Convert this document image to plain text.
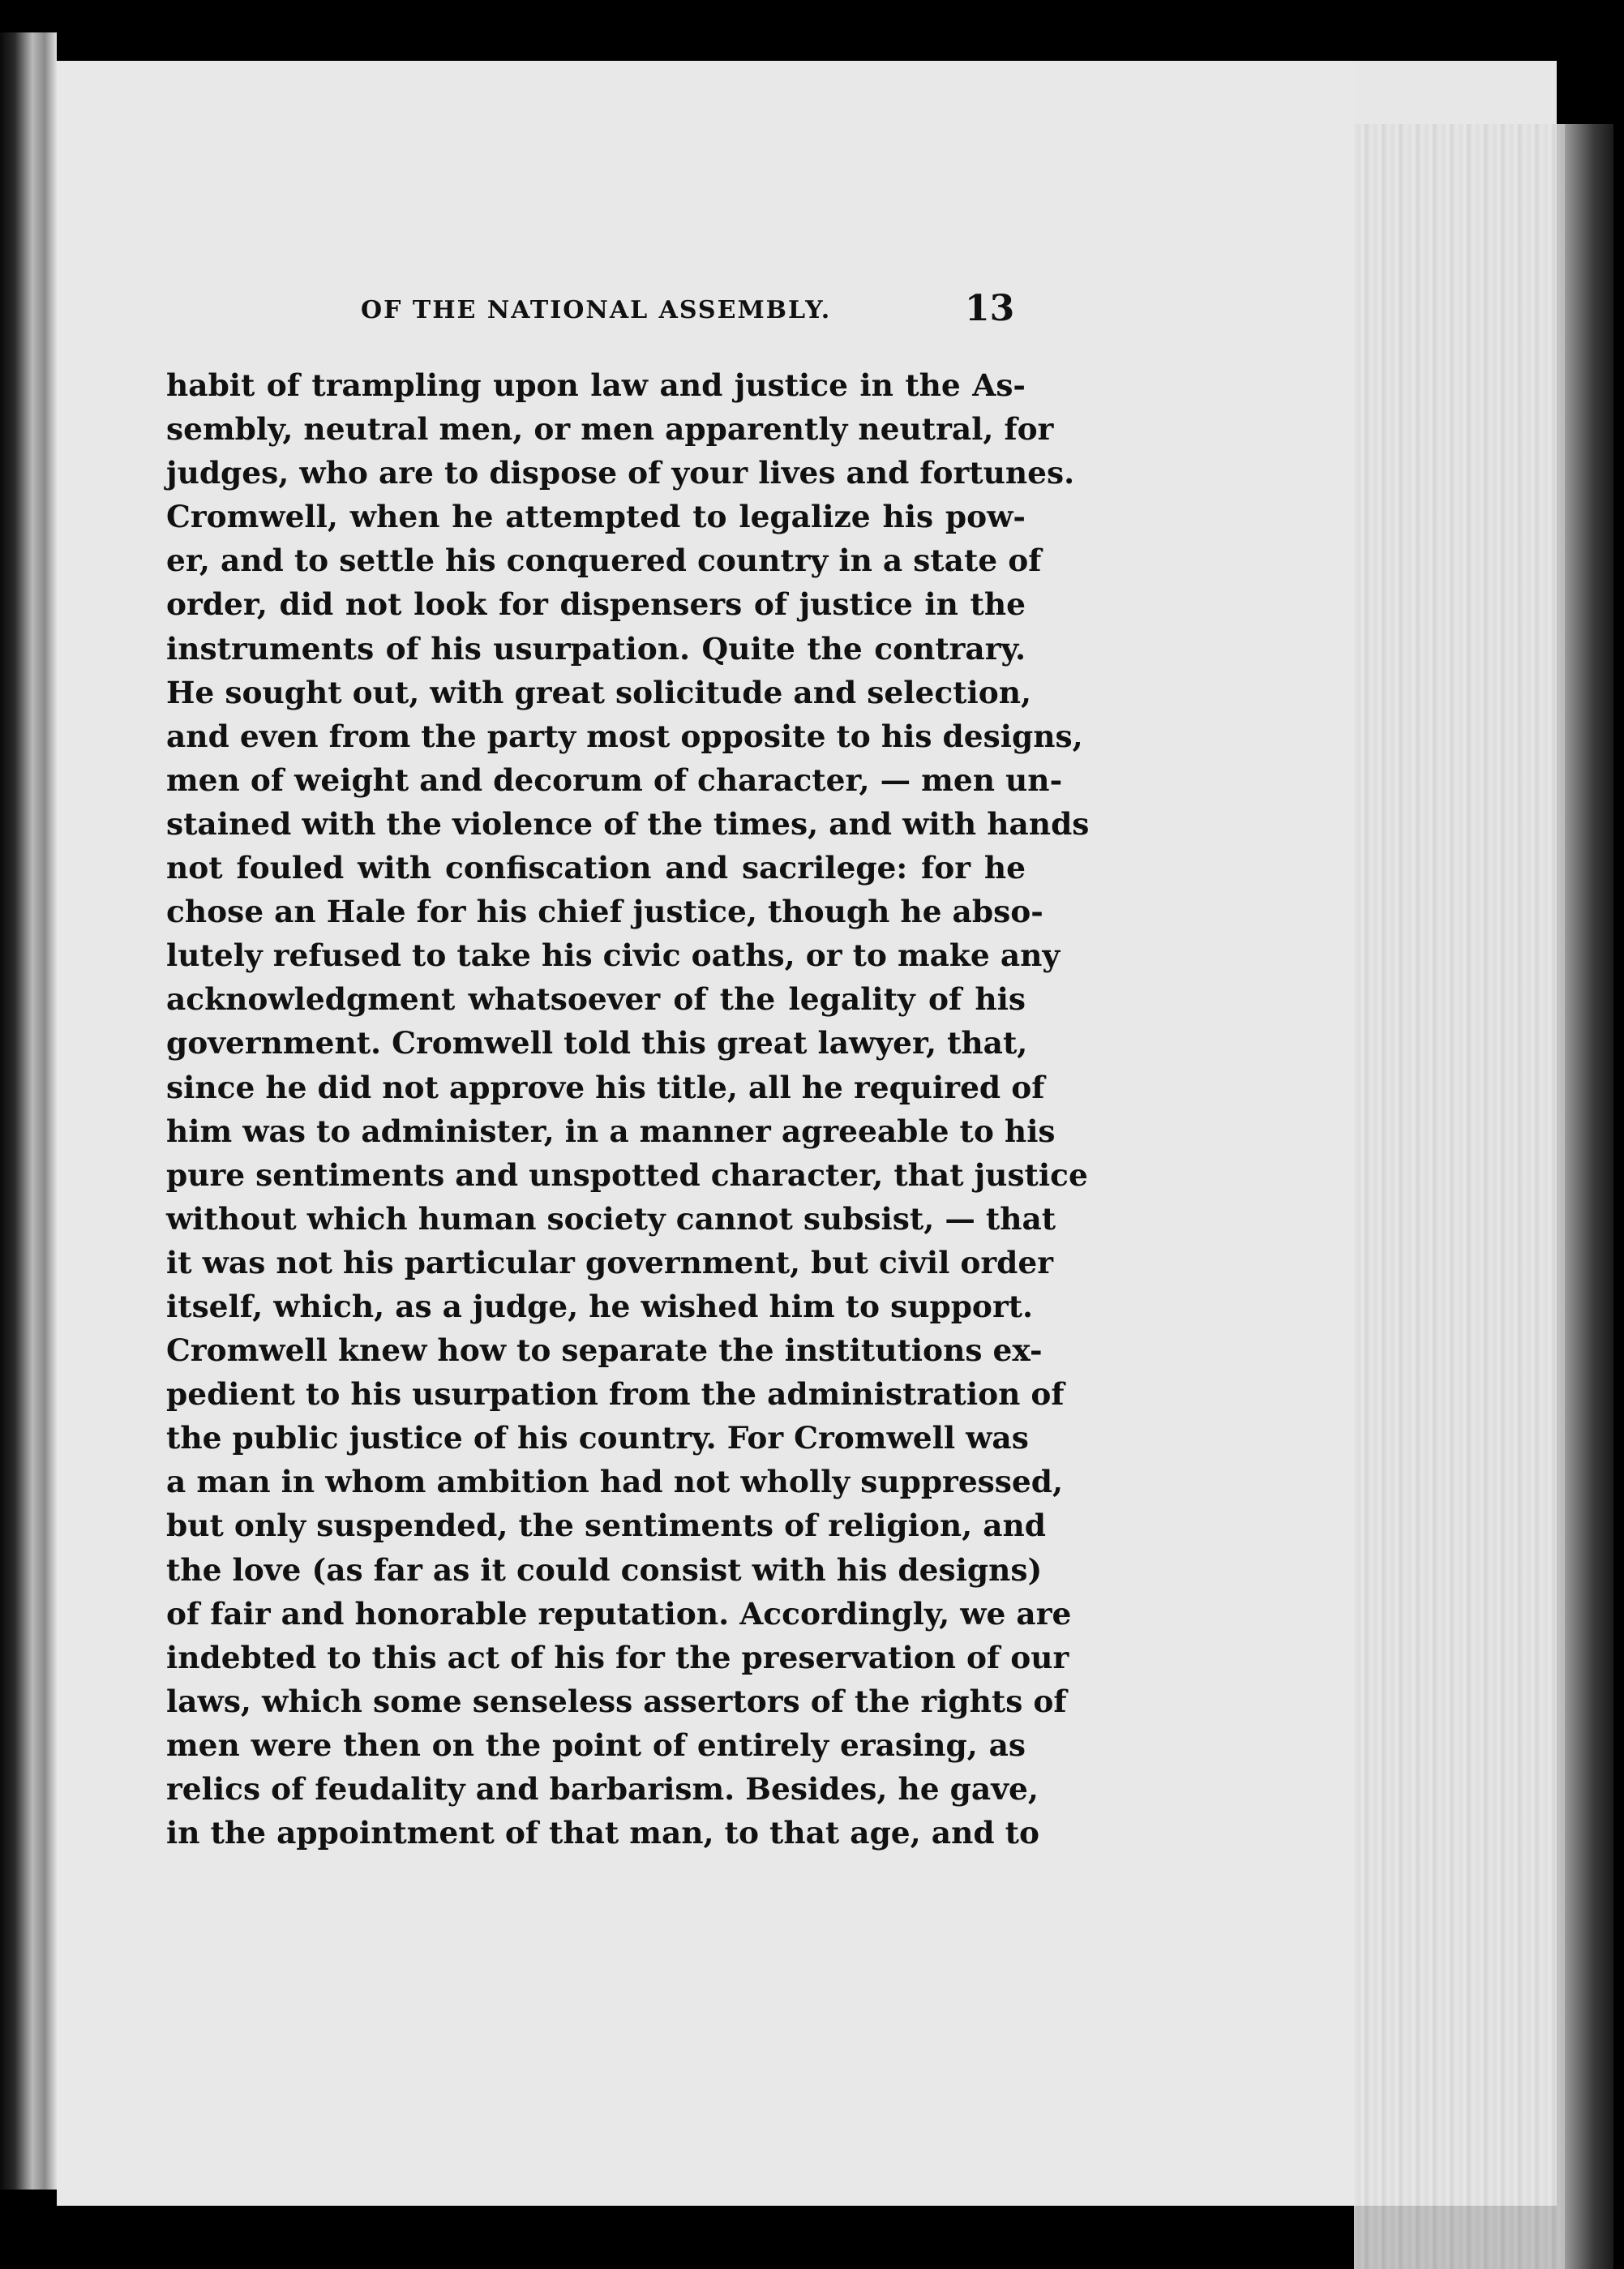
OF THE NATIONAL ASSEMBLY.	13
habit of trampling upon law and justice in the As-
sembly, neutral men, or men apparently neutral, for
judges, who are to dispose of your lives and fortunes.
Cromwell, when he attempted to legalize his pow-
er, and to settle his conquered country in a state of
order, did not look for dispensers of justice in the
instruments of his usurpation. Quite the contrary.
He sought out, with great solicitude and selection,
and even from the party most opposite to his designs,
men of weight and decorum of character, — men un-
stained with the violence of the times, and with hands
not fouled with confiscation and sacrilege: for he
chose an Hale for his chief justice, though he abso-
lutely refused to take his civic oaths, or to make any
acknowledgment whatsoever of the legality of his
government. Cromwell told this great lawyer, that,
since he did not approve his title, all he required of
him was to administer, in a manner agreeable to his
pure sentiments and unspotted character, that justice
without which human society cannot subsist, — that
it was not his particular government, but civil order
itself, which, as a judge, he wished him to support.
Cromwell knew how to separate the institutions ex-
pedient to his usurpation from the administration of
the public justice of his country. For Cromwell was
a man in whom ambition had not wholly suppressed,
but only suspended, the sentiments of religion, and
the love (as far as it could consist with his designs)
of fair and honorable reputation. Accordingly, we are
indebted to this act of his for the preservation of our
laws, which some senseless assertors of the rights of
men were then on the point of entirely erasing, as
relics of feudality and barbarism. Besides, he gave,
in the appointment of that man, to that age, and to
